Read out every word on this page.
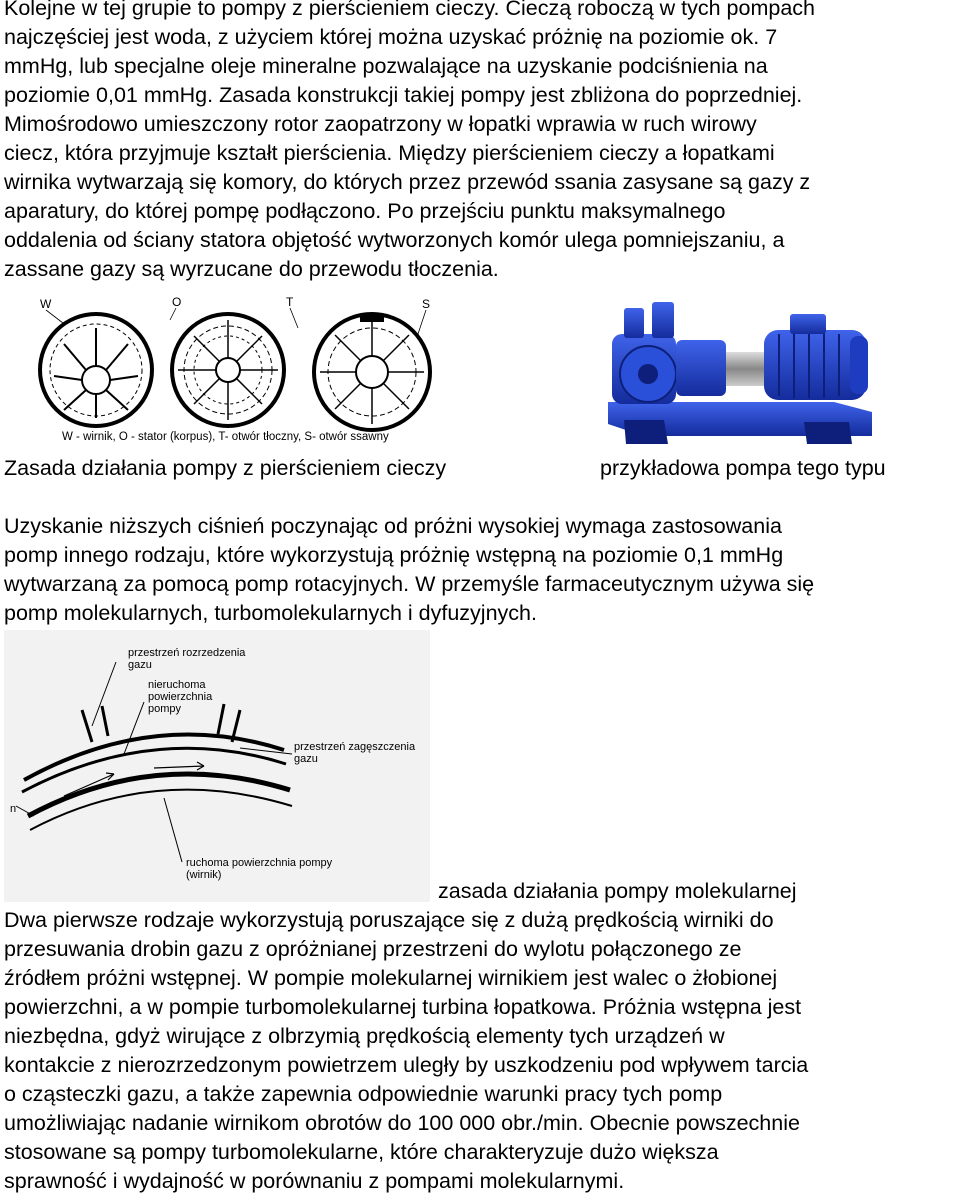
Kolejne w tej grupie to pompy z pierścieniem cieczy. Cieczą roboczą w tych pompach
najczęściej jest woda, z użyciem której można uzyskać próżnię na poziomie ok. 7
mmHg, lub specjalne oleje mineralne pozwalające na uzyskanie podciśnienia na
poziomie 0,01 mmHg. Zasada konstrukcji takiej pompy jest zbliżona do poprzedniej.
Mimośrodowo umieszczony rotor zaopatrzony w łopatki wprawia w ruch wirowy
ciecz, która przyjmuje kształt pierścienia. Między pierścieniem cieczy a łopatkami
wirnika wytwarzają się komory, do których przez przewód ssania zasysane są gazy z
aparatury, do której pompę podłączono. Po przejściu punktu maksymalnego
oddalenia od ściany statora objętość wytworzonych komór ulega pomniejszaniu, a
zassane gazy są wyrzucane do przewodu tłoczenia.
W	O	T	S
W - wirnik, O - stator (korpus), T- otwór tłoczny, S- otwór ssawny
Zasada działania pompy z pierścieniem cieczy	przykładowa pompa tego typu
Uzyskanie niższych ciśnień poczynając od próżni wysokiej wymaga zastosowania
pomp innego rodzaju, które wykorzystują próżnię wstępną na poziomie 0,1 mmHg
wytwarzaną za pomocą pomp rotacyjnych. W przemyśle farmaceutycznym używa się
pomp molekularnych, turbomolekularnych i dyfuzyjnych.
przestrzeń rozrzedzenia
gazu
nieruchoma
powierzchnia
pompy
przestrzeń zagęszczenia
gazu
n
ruchoma powierzchnia pompy
(wirnik)
zasada działania pompy molekularnej
Dwa pierwsze rodzaje wykorzystują poruszające się z dużą prędkością wirniki do
przesuwania drobin gazu z opróżnianej przestrzeni do wylotu połączonego ze
źródłem próżni wstępnej. W pompie molekularnej wirnikiem jest walec o żłobionej
powierzchni, a w pompie turbomolekularnej turbina łopatkowa. Próżnia wstępna jest
niezbędna, gdyż wirujące z olbrzymią prędkością elementy tych urządzeń w
kontakcie z nierozrzedzonym powietrzem uległy by uszkodzeniu pod wpływem tarcia
o cząsteczki gazu, a także zapewnia odpowiednie warunki pracy tych pomp
umożliwiając nadanie wirnikom obrotów do 100 000 obr./min. Obecnie powszechnie
stosowane są pompy turbomolekularne, które charakteryzuje dużo większa
sprawność i wydajność w porównaniu z pompami molekularnymi.
